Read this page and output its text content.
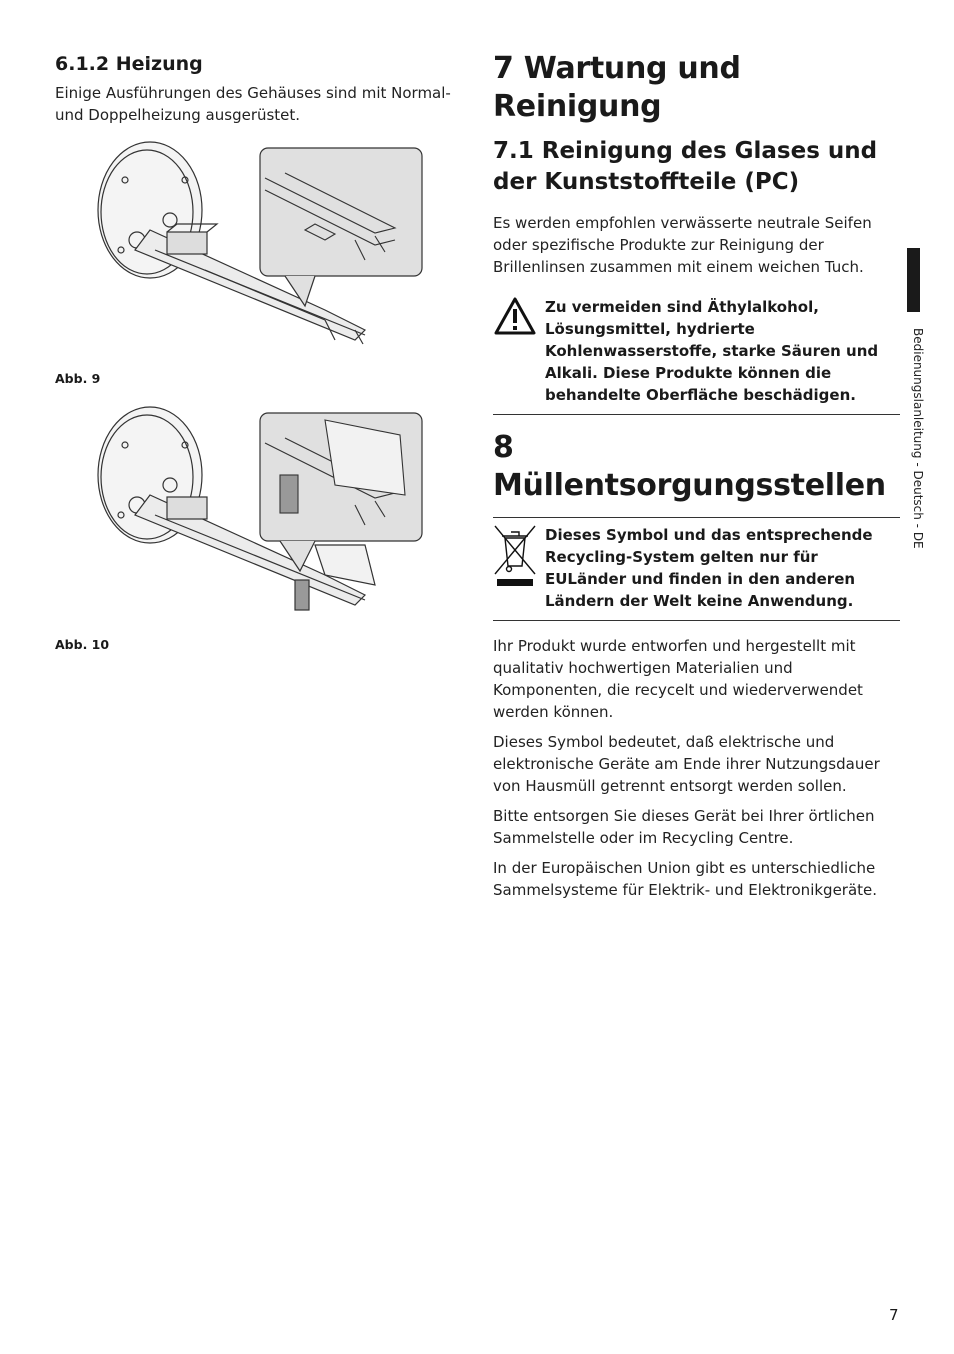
6.1.2 Heizung
Einige Ausführungen des Gehäuses sind mit Normal- und Doppelheizung ausgerüstet.
Abb. 9
Abb. 10
7 Wartung und Reinigung
7.1 Reinigung des Glases und der Kunststoffteile (PC)
Es werden empfohlen verwässerte neutrale Seifen oder spezifische Produkte zur Reinigung der Brillenlinsen zusammen mit einem weichen Tuch.
Zu vermeiden sind Äthylalkohol, Lösungsmittel, hydrierte Kohlenwasserstoffe, starke Säuren und Alkali. Diese Produkte können die behandelte Oberfläche beschädigen.
8 Müllentsorgungsstellen
Dieses Symbol und das entsprechende Recycling-System gelten nur für EULänder und finden in den anderen Ländern der Welt keine Anwendung.
Ihr Produkt wurde entworfen und hergestellt mit qualitativ hochwertigen Materialien und Komponenten, die recycelt und wiederverwendet werden können.
Dieses Symbol bedeutet, daß elektrische und elektronische Geräte am Ende ihrer Nutzungsdauer von Hausmüll getrennt entsorgt werden sollen.
Bitte entsorgen Sie dieses Gerät bei Ihrer örtlichen Sammelstelle oder im Recycling Centre.
In der Europäischen Union gibt es unterschiedliche Sammelsysteme für Elektrik- und Elektronikgeräte.
Bedienungslanleitung - Deutsch - DE
7
